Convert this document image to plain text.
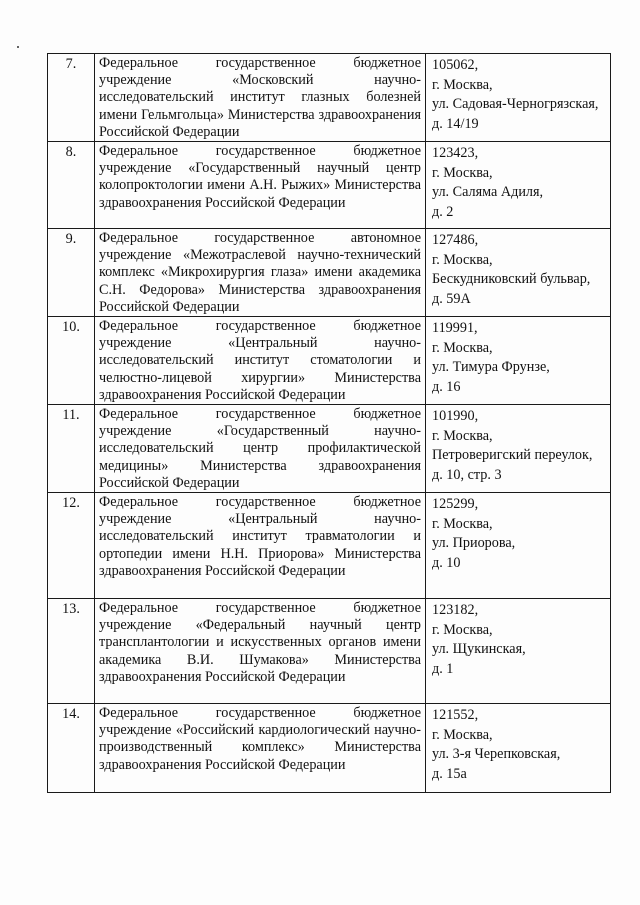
7.	Федеральное государственное бюджетное учреждение «Московский научно-исследовательский институт глазных болезней имени Гельмгольца» Министерства здравоохранения Российской Федерации	105062,
г. Москва,
ул. Садовая-Черногрязская,
д. 14/19

8.	Федеральное государственное бюджетное учреждение «Государственный научный центр колопроктологии имени А.Н. Рыжих» Министерства здравоохранения Российской Федерации	123423,
г. Москва,
ул. Саляма Адиля,
д. 2

9.	Федеральное государственное автономное учреждение «Межотраслевой научно-технический комплекс «Микрохирургия глаза» имени академика С.Н. Федорова» Министерства здравоохранения Российской Федерации	127486,
г. Москва,
Бескудниковский бульвар,
д. 59А

10.	Федеральное государственное бюджетное учреждение «Центральный научно-исследовательский институт стоматологии и челюстно-лицевой хирургии» Министерства здравоохранения Российской Федерации	119991,
г. Москва,
ул. Тимура Фрунзе,
д. 16

11.	Федеральное государственное бюджетное учреждение «Государственный научно-исследовательский центр профилактической медицины» Министерства здравоохранения Российской Федерации	101990,
г. Москва,
Петроверигский переулок,
д. 10, стр. 3

12.	Федеральное государственное бюджетное учреждение «Центральный научно-исследовательский институт травматологии и ортопедии имени Н.Н. Приорова» Министерства здравоохранения Российской Федерации	125299,
г. Москва,
ул. Приорова,
д. 10

13.	Федеральное государственное бюджетное учреждение «Федеральный научный центр трансплантологии и искусственных органов имени академика В.И. Шумакова» Министерства здравоохранения Российской Федерации	123182,
г. Москва,
ул. Щукинская,
д. 1

14.	Федеральное государственное бюджетное учреждение «Российский кардиологический научно-производственный комплекс» Министерства здравоохранения Российской Федерации	121552,
г. Москва,
ул. 3-я Черепковская,
д. 15а
